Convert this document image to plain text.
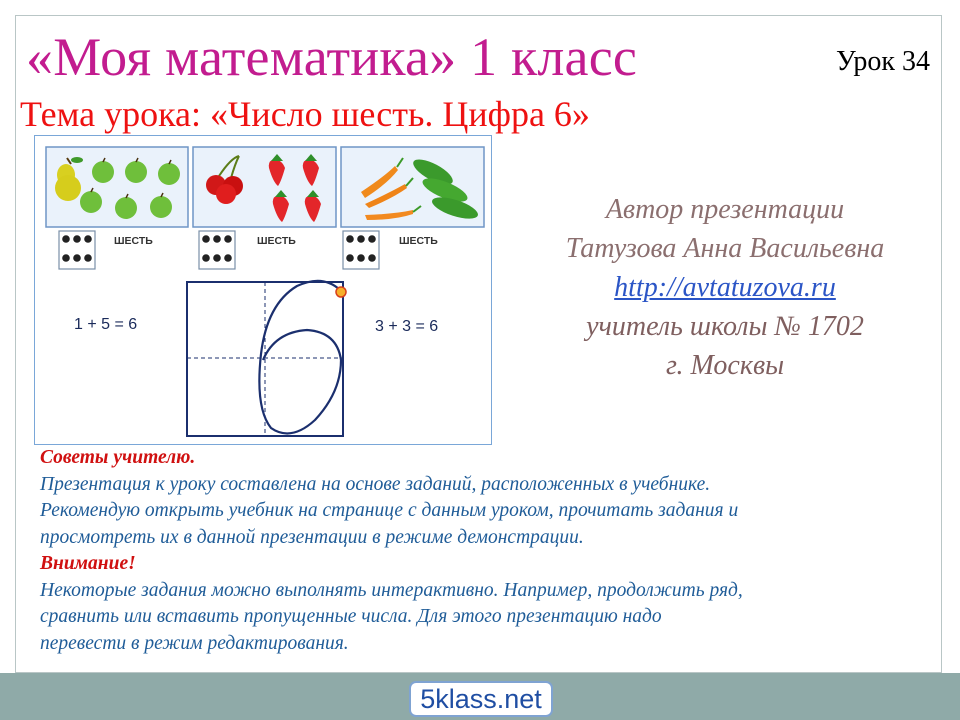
«Моя математика» 1 класс	Урок 34
Тема урока: «Число шесть. Цифра 6»
ШЕСТЬ	ШЕСТЬ	ШЕСТЬ
1 + 5 = 6	3 + 3 = 6
Автор презентации
Татузова Анна Васильевна
http://avtatuzova.ru
учитель школы № 1702
г. Москвы
Советы учителю.
Презентация к уроку составлена на основе заданий, расположенных в учебнике.
Рекомендую открыть учебник на странице с данным уроком, прочитать задания и
просмотреть их в данной презентации в режиме демонстрации.
Внимание!
Некоторые задания можно выполнять интерактивно. Например, продолжить ряд,
сравнить или вставить пропущенные числа. Для этого презентацию надо
перевести в режим редактирования.
5klass.net
